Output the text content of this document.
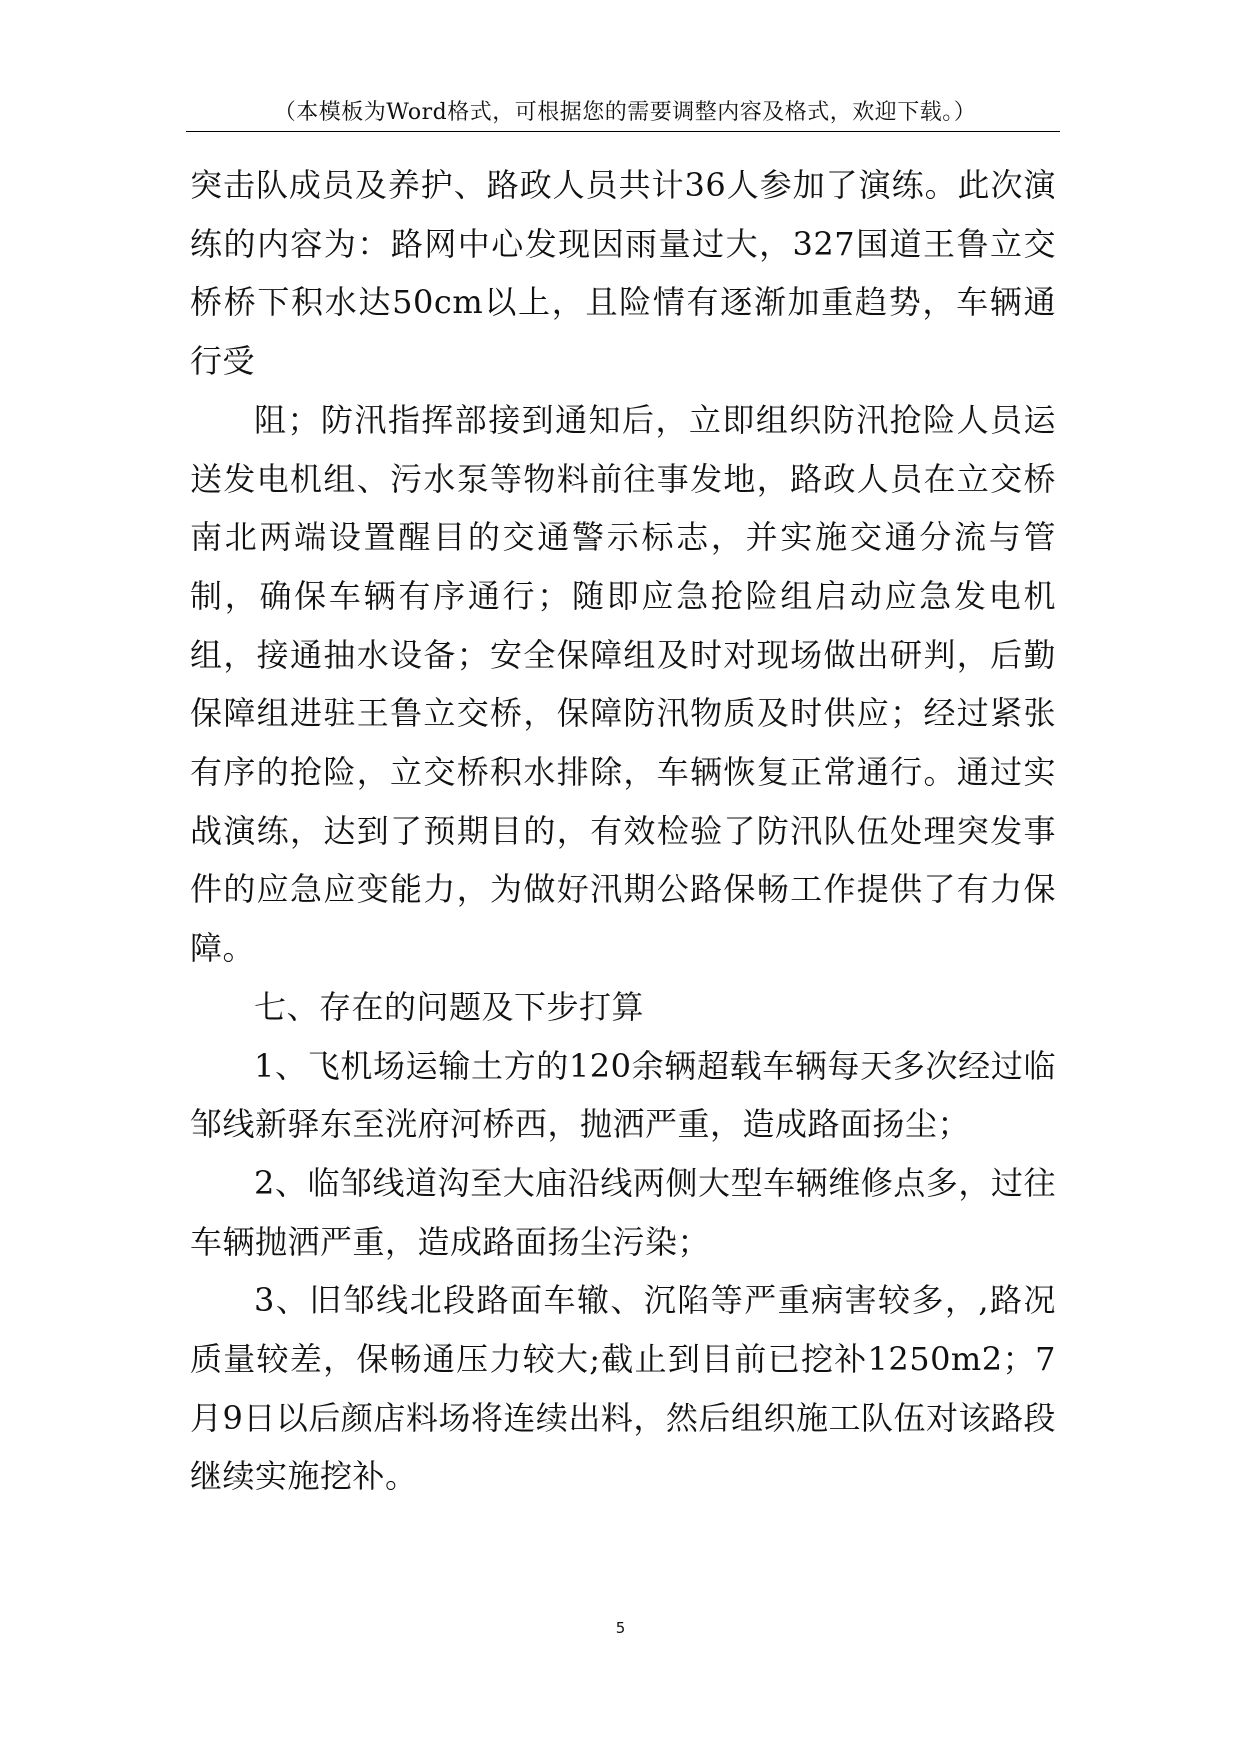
（本模板为Word格式，可根据您的需要调整内容及格式，欢迎下载。）

突击队成员及养护、路政人员共计36人参加了演练。此次演练的内容为：路网中心发现因雨量过大，327国道王鲁立交桥桥下积水达50cm以上，且险情有逐渐加重趋势，车辆通行受

阻；防汛指挥部接到通知后，立即组织防汛抢险人员运送发电机组、污水泵等物料前往事发地，路政人员在立交桥南北两端设置醒目的交通警示标志，并实施交通分流与管制，确保车辆有序通行；随即应急抢险组启动应急发电机组，接通抽水设备；安全保障组及时对现场做出研判，后勤保障组进驻王鲁立交桥，保障防汛物质及时供应；经过紧张有序的抢险，立交桥积水排除，车辆恢复正常通行。通过实战演练，达到了预期目的，有效检验了防汛队伍处理突发事件的应急应变能力，为做好汛期公路保畅工作提供了有力保障。

七、存在的问题及下步打算

1、飞机场运输土方的120余辆超载车辆每天多次经过临邹线新驿东至洸府河桥西，抛洒严重，造成路面扬尘；

2、临邹线道沟至大庙沿线两侧大型车辆维修点多，过往车辆抛洒严重，造成路面扬尘污染；

3、旧邹线北段路面车辙、沉陷等严重病害较多，,路况质量较差，保畅通压力较大;截止到目前已挖补1250m2；7月9日以后颜店料场将连续出料，然后组织施工队伍对该路段继续实施挖补。

5
